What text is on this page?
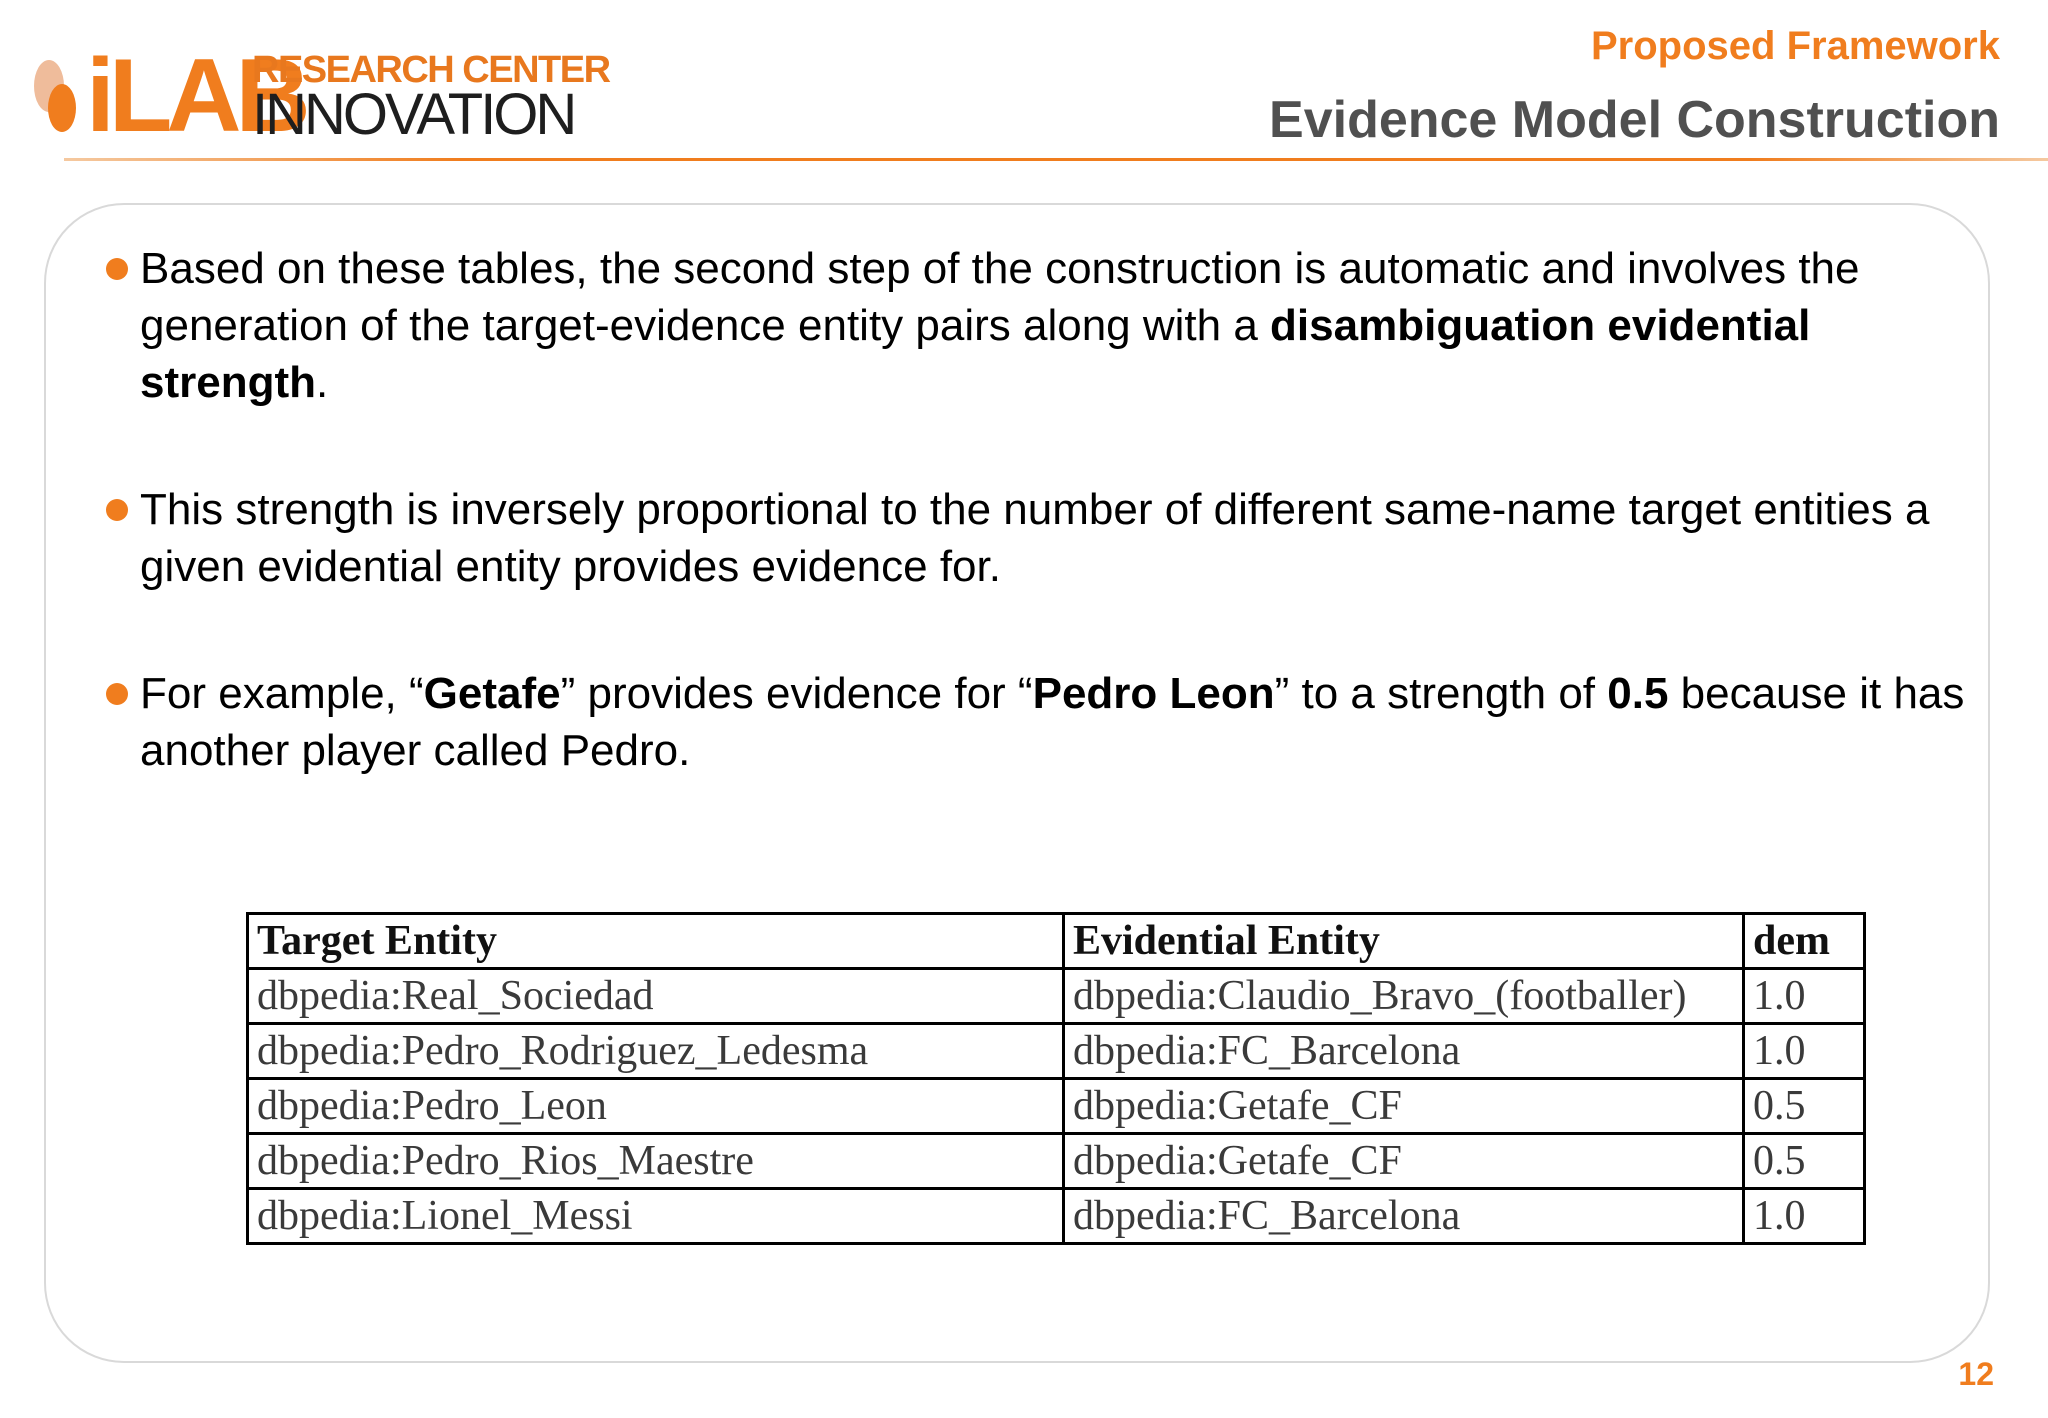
iLAB
RESEARCH CENTER
INNOVATION
Proposed Framework
Evidence Model Construction
Based on these tables, the second step of the construction is automatic and involves the generation of the target-evidence entity pairs along with a disambiguation evidential strength.
This strength is inversely proportional to the number of different same-name target entities a given evidential entity provides evidence for.
For example, “Getafe” provides evidence for “Pedro Leon” to a strength of 0.5 because it has another player called Pedro.
Target Entity	Evidential Entity	dem
dbpedia:Real_Sociedad	dbpedia:Claudio_Bravo_(footballer)	1.0
dbpedia:Pedro_Rodriguez_Ledesma	dbpedia:FC_Barcelona	1.0
dbpedia:Pedro_Leon	dbpedia:Getafe_CF	0.5
dbpedia:Pedro_Rios_Maestre	dbpedia:Getafe_CF	0.5
dbpedia:Lionel_Messi	dbpedia:FC_Barcelona	1.0
12
